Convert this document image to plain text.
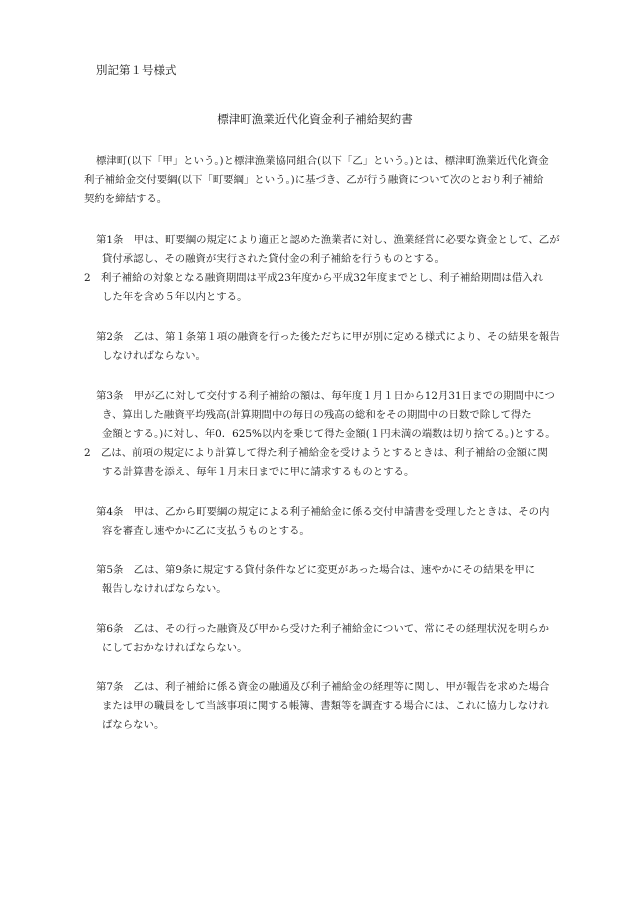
別記第１号様式
標津町漁業近代化資金利子補給契約書
標津町(以下「甲」という。)と標津漁業協同組合(以下「乙」という。)とは、標津町漁業近代化資金
利子補給金交付要綱(以下「町要綱」という。)に基づき、乙が行う融資について次のとおり利子補給
契約を締結する。
第1条　甲は、町要綱の規定により適正と認めた漁業者に対し、漁業経営に必要な資金として、乙が
貸付承認し、その融資が実行された貸付金の利子補給を行うものとする。
2　利子補給の対象となる融資期間は平成23年度から平成32年度までとし、利子補給期間は借入れ
した年を含め５年以内とする。
第2条　乙は、第１条第１項の融資を行った後ただちに甲が別に定める様式により、その結果を報告
しなければならない。
第3条　甲が乙に対して交付する利子補給の額は、毎年度１月１日から12月31日までの期間中につ
き、算出した融資平均残高(計算期間中の毎日の残高の総和をその期間中の日数で除して得た
金額とする。)に対し、年0．625%以内を乗じて得た金額(１円未満の端数は切り捨てる。)とする。
2　乙は、前項の規定により計算して得た利子補給金を受けようとするときは、利子補給の金額に関
する計算書を添え、毎年１月末日までに甲に請求するものとする。
第4条　甲は、乙から町要綱の規定による利子補給金に係る交付申請書を受理したときは、その内
容を審査し速やかに乙に支払うものとする。
第5条　乙は、第9条に規定する貸付条件などに変更があった場合は、速やかにその結果を甲に
報告しなければならない。
第6条　乙は、その行った融資及び甲から受けた利子補給金について、常にその経理状況を明らか
にしておかなければならない。
第7条　乙は、利子補給に係る資金の融通及び利子補給金の経理等に関し、甲が報告を求めた場合
または甲の職員をして当該事項に関する帳簿、書類等を調査する場合には、これに協力しなけれ
ばならない。
